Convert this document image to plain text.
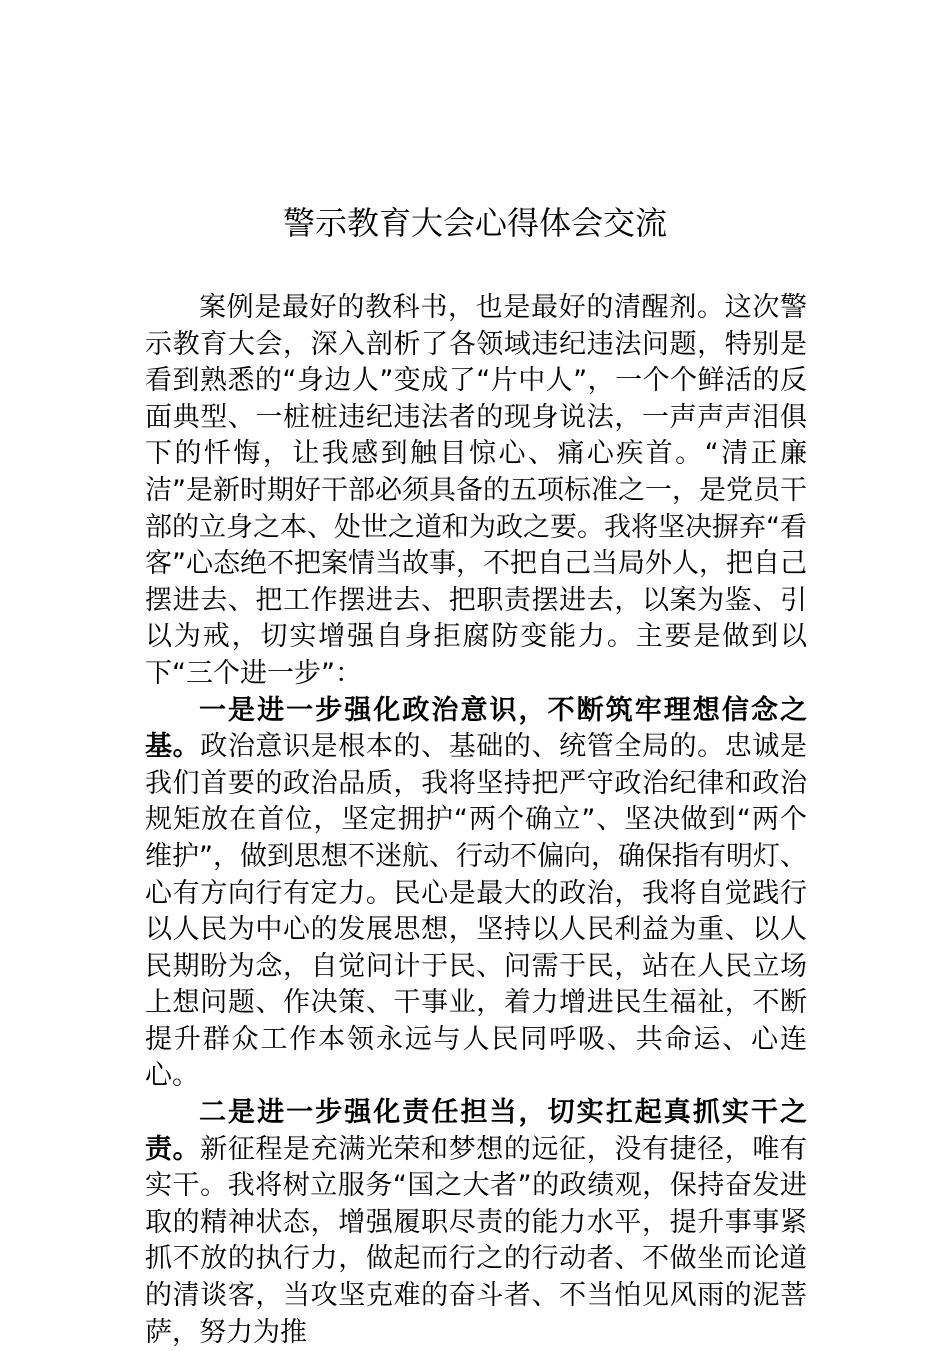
警示教育大会心得体会交流

案例是最好的教科书，也是最好的清醒剂。这次警示教育大会，深入剖析了各领域违纪违法问题，特别是看到熟悉的“身边人”变成了“片中人”，一个个鲜活的反面典型、一桩桩违纪违法者的现身说法，一声声声泪俱下的忏悔，让我感到触目惊心、痛心疾首。“清正廉洁”是新时期好干部必须具备的五项标准之一，是党员干部的立身之本、处世之道和为政之要。我将坚决摒弃“看客”心态绝不把案情当故事，不把自己当局外人，把自己摆进去、把工作摆进去、把职责摆进去，以案为鉴、引以为戒，切实增强自身拒腐防变能力。主要是做到以下“三个进一步”：

一是进一步强化政治意识，不断筑牢理想信念之基。政治意识是根本的、基础的、统管全局的。忠诚是我们首要的政治品质，我将坚持把严守政治纪律和政治规矩放在首位，坚定拥护“两个确立”、坚决做到“两个维护”，做到思想不迷航、行动不偏向，确保指有明灯、心有方向行有定力。民心是最大的政治，我将自觉践行以人民为中心的发展思想，坚持以人民利益为重、以人民期盼为念，自觉问计于民、问需于民，站在人民立场上想问题、作决策、干事业，着力增进民生福祉，不断提升群众工作本领永远与人民同呼吸、共命运、心连心。

二是进一步强化责任担当，切实扛起真抓实干之责。新征程是充满光荣和梦想的远征，没有捷径，唯有实干。我将树立服务“国之大者”的政绩观，保持奋发进取的精神状态，增强履职尽责的能力水平，提升事事紧抓不放的执行力，做起而行之的行动者、不做坐而论道的清谈客，当攻坚克难的奋斗者、不当怕见风雨的泥菩萨，努力为推
